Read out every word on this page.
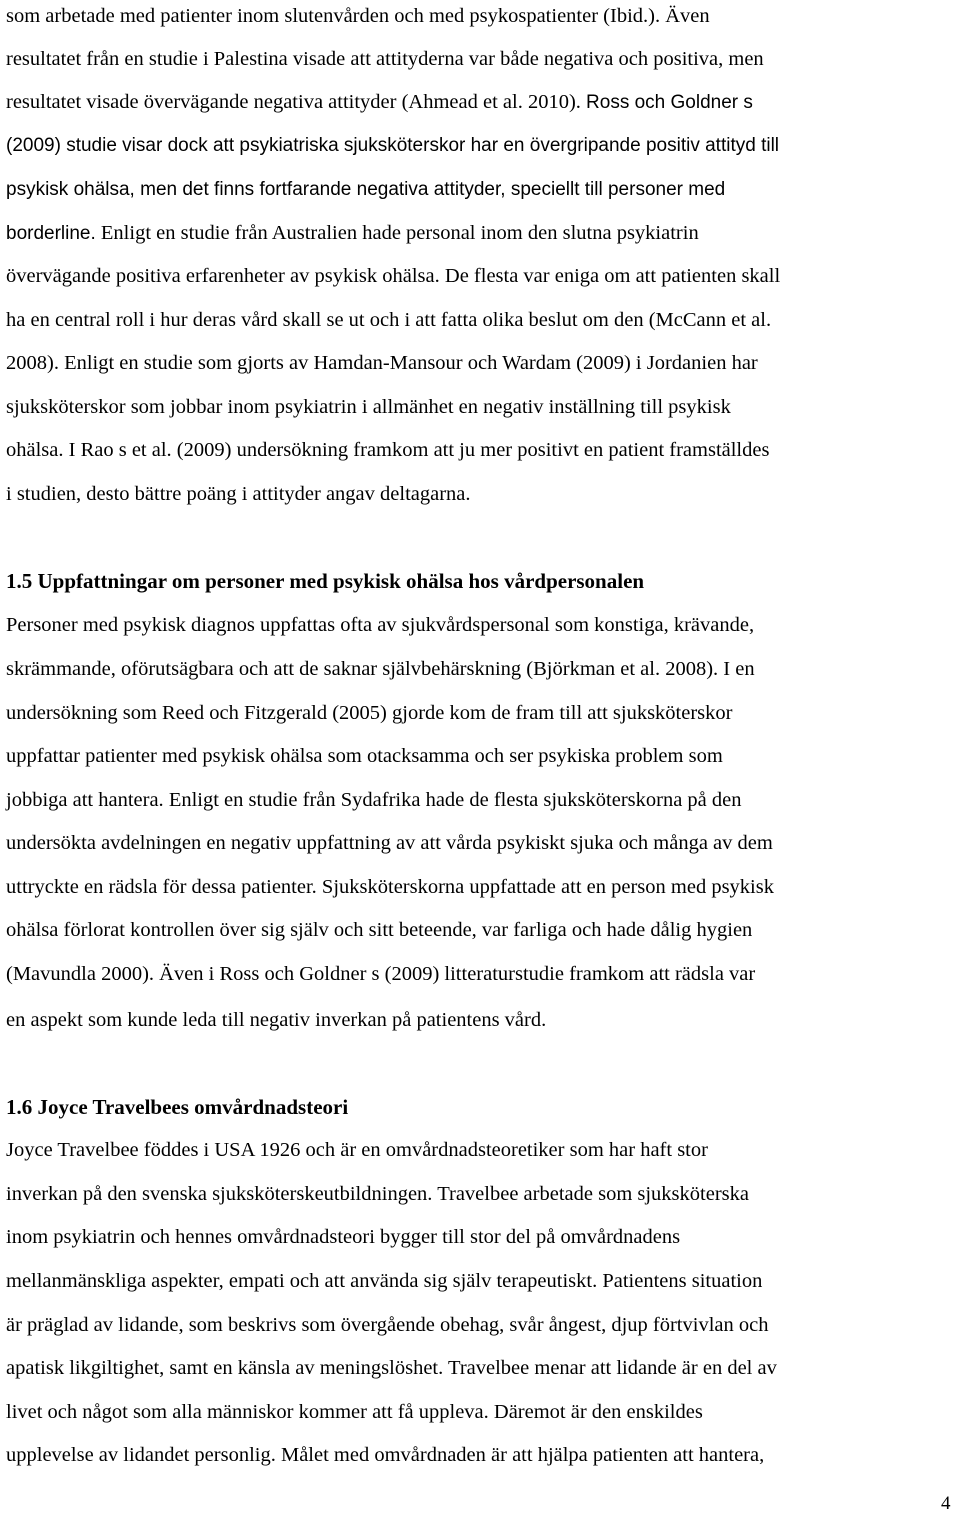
som arbetade med patienter inom slutenvården och med psykospatienter (Ibid.). Även
resultatet från en studie i Palestina visade att attityderna var både negativa och positiva, men
resultatet visade övervägande negativa attityder (Ahmead et al. 2010). Ross och Goldner s
(2009) studie visar dock att psykiatriska sjuksköterskor har en övergripande positiv attityd till
psykisk ohälsa, men det finns fortfarande negativa attityder, speciellt till personer med
borderline. Enligt en studie från Australien hade personal inom den slutna psykiatrin
övervägande positiva erfarenheter av psykisk ohälsa. De flesta var eniga om att patienten skall
ha en central roll i hur deras vård skall se ut och i att fatta olika beslut om den (McCann et al.
2008). Enligt en studie som gjorts av Hamdan-Mansour och Wardam (2009) i Jordanien har
sjuksköterskor som jobbar inom psykiatrin i allmänhet en negativ inställning till psykisk
ohälsa. I Rao s et al. (2009) undersökning framkom att ju mer positivt en patient framställdes
i studien, desto bättre poäng i attityder angav deltagarna.
1.5 Uppfattningar om personer med psykisk ohälsa hos vårdpersonalen
Personer med psykisk diagnos uppfattas ofta av sjukvårdspersonal som konstiga, krävande,
skrämmande, oförutsägbara och att de saknar självbehärskning (Björkman et al. 2008). I en
undersökning som Reed och Fitzgerald (2005) gjorde kom de fram till att sjuksköterskor
uppfattar patienter med psykisk ohälsa som otacksamma och ser psykiska problem som
jobbiga att hantera. Enligt en studie från Sydafrika hade de flesta sjuksköterskorna på den
undersökta avdelningen en negativ uppfattning av att vårda psykiskt sjuka och många av dem
uttryckte en rädsla för dessa patienter. Sjuksköterskorna uppfattade att en person med psykisk
ohälsa förlorat kontrollen över sig själv och sitt beteende, var farliga och hade dålig hygien
(Mavundla 2000). Även i Ross och Goldner s (2009) litteraturstudie framkom att rädsla var
en aspekt som kunde leda till negativ inverkan på patientens vård.
1.6 Joyce Travelbees omvårdnadsteori
Joyce Travelbee föddes i USA 1926 och är en omvårdnadsteoretiker som har haft stor
inverkan på den svenska sjuksköterskeutbildningen. Travelbee arbetade som sjuksköterska
inom psykiatrin och hennes omvårdnadsteori bygger till stor del på omvårdnadens
mellanmänskliga aspekter, empati och att använda sig själv terapeutiskt. Patientens situation
är präglad av lidande, som beskrivs som övergående obehag, svår ångest, djup förtvivlan och
apatisk likgiltighet, samt en känsla av meningslöshet. Travelbee menar att lidande är en del av
livet och något som alla människor kommer att få uppleva. Däremot är den enskildes
upplevelse av lidandet personlig. Målet med omvårdnaden är att hjälpa patienten att hantera,
4
